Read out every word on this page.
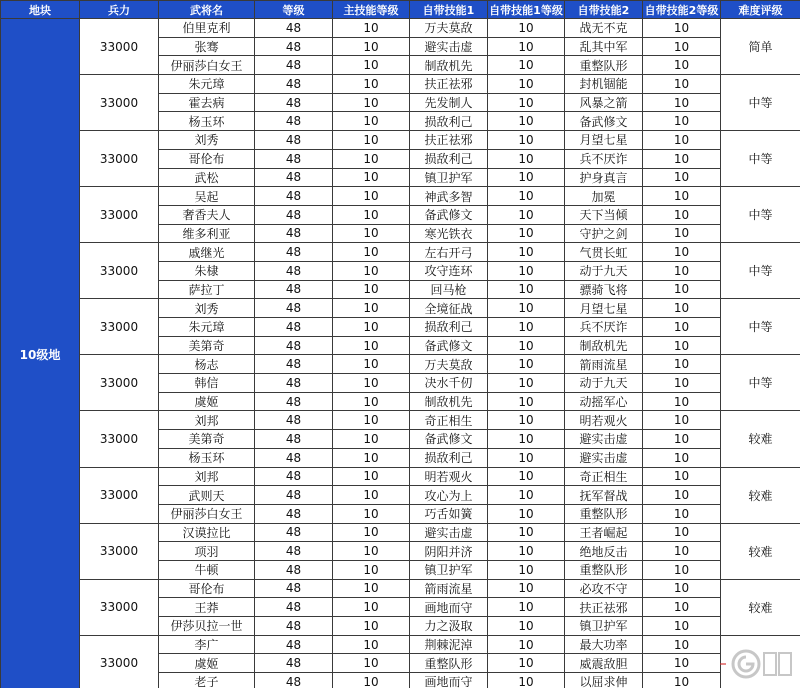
地块	兵力	武将名	等级	主技能等级	自带技能1	自带技能1等级	自带技能2	自带技能2等级	难度评级
10级地	33000	伯里克利	48	10	万夫莫敌	10	战无不克	10	简单
		张骞	48	10	避实击虚	10	乱其中军	10	
		伊丽莎白女王	48	10	制敌机先	10	重整队形	10	
	33000	朱元璋	48	10	扶正祛邪	10	封机锢能	10	中等
		霍去病	48	10	先发制人	10	风暴之箭	10	
		杨玉环	48	10	损敌利己	10	备武修文	10	
	33000	刘秀	48	10	扶正祛邪	10	月望七星	10	中等
		哥伦布	48	10	损敌利己	10	兵不厌诈	10	
		武松	48	10	镇卫护军	10	护身真言	10	
	33000	吴起	48	10	神武多智	10	加冕	10	中等
		奢香夫人	48	10	备武修文	10	天下当倾	10	
		维多利亚	48	10	寒光铁衣	10	守护之剑	10	
	33000	戚继光	48	10	左右开弓	10	气贯长虹	10	中等
		朱棣	48	10	攻守连环	10	动于九天	10	
		萨拉丁	48	10	回马枪	10	骠骑飞将	10	
	33000	刘秀	48	10	全境征战	10	月望七星	10	中等
		朱元璋	48	10	损敌利己	10	兵不厌诈	10	
		美第奇	48	10	备武修文	10	制敌机先	10	
	33000	杨志	48	10	万夫莫敌	10	箭雨流星	10	中等
		韩信	48	10	决水千仞	10	动于九天	10	
		虞姬	48	10	制敌机先	10	动摇军心	10	
	33000	刘邦	48	10	奇正相生	10	明若观火	10	较难
		美第奇	48	10	备武修文	10	避实击虚	10	
		杨玉环	48	10	损敌利己	10	避实击虚	10	
	33000	刘邦	48	10	明若观火	10	奇正相生	10	较难
		武则天	48	10	攻心为上	10	抚军督战	10	
		伊丽莎白女王	48	10	巧舌如簧	10	重整队形	10	
	33000	汉谟拉比	48	10	避实击虚	10	王者崛起	10	较难
		项羽	48	10	阴阳并济	10	绝地反击	10	
		牛顿	48	10	镇卫护军	10	重整队形	10	
	33000	哥伦布	48	10	箭雨流星	10	必攻不守	10	较难
		王莽	48	10	画地而守	10	扶正祛邪	10	
		伊莎贝拉一世	48	10	力之汲取	10	镇卫护军	10	
	33000	李广	48	10	荆棘泥淖	10	最大功率	10	
		虞姬	48	10	重整队形	10	威震敌胆	10	
		老子	48	10	画地而守	10	以屈求伸	10	
